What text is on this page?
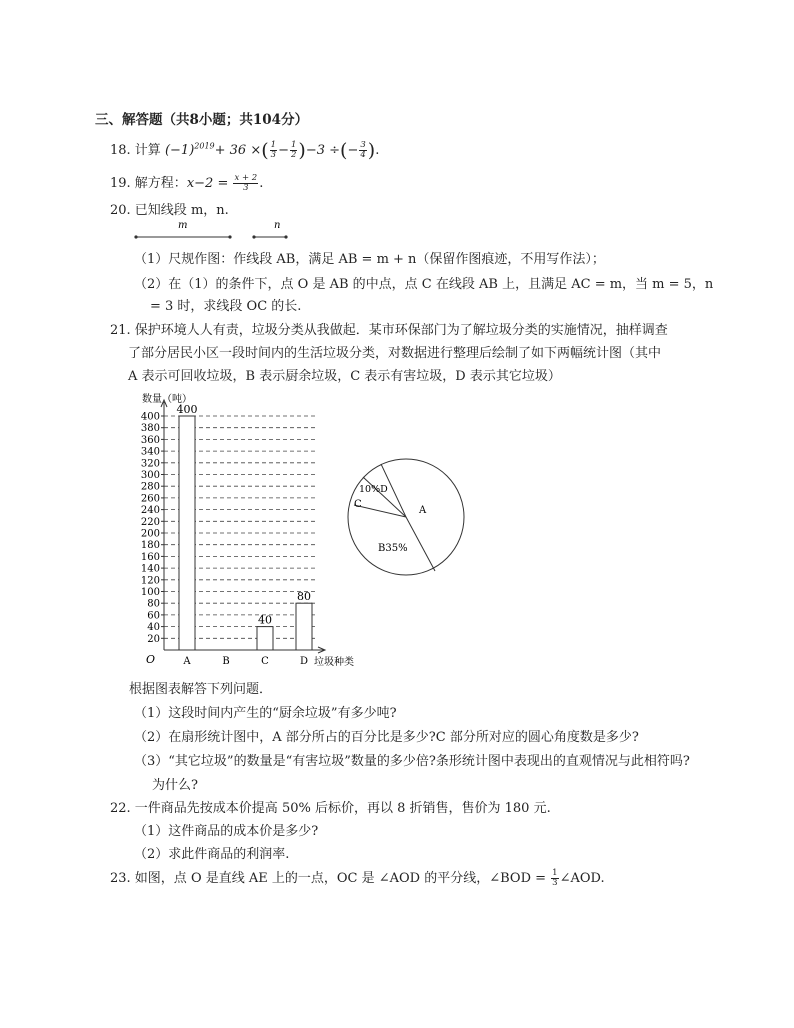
三、解答题（共8小题；共104分）
18. 计算 $(-1)^{2019}+ 36$ ×( $\frac{1}{3} - \frac{1}{2} )-3$ ÷(− $\frac{3}{4}$ ).
19. 解方程：$x-2 = \frac{x + 2}{3}$ .
20. 已知线段 m，n.
m	n
（1）尺规作图：作线段 AB，满足 AB = m + n（保留作图痕迹，不用写作法）；
（2）在（1）的条件下，点 O 是 AB 的中点，点 C 在线段 AB 上，且满足 AC = m，当 m = 5，n
= 3 时，求线段 OC 的长.
21. 保护环境人人有责，垃圾分类从我做起．某市环保部门为了解垃圾分类的实施情况，抽样调查
了部分居民小区一段时间内的生活垃圾分类，对数据进行整理后绘制了如下两幅统计图（其中
A 表示可回收垃圾，B 表示厨余垃圾，C 表示有害垃圾，D 表示其它垃圾）
数量（吨）
O	垃圾种类
20
40
60
80
100
120
140
160
180
200
220
240
260
280
300
320
340
360
380
400
A
400
B	C
40
D
80
A
B35%
C
10%D
根据图表解答下列问题．
（1）这段时间内产生的“厨余垃圾”有多少吨?
（2）在扇形统计图中，A 部分所占的百分比是多少?C 部分所对应的圆心角度数是多少?
（3）“其它垃圾”的数量是“有害垃圾”数量的多少倍?条形统计图中表现出的直观情况与此相符吗?
为什么?
22. 一件商品先按成本价提高 50% 后标价，再以 8 折销售，售价为 180 元.
（1）这件商品的成本价是多少?
（2）求此件商品的利润率.
23. 如图，点 O 是直线 AE 上的一点，OC 是 ∠AOD 的平分线，∠BOD = $\frac{1}{3}$ ∠AOD.
